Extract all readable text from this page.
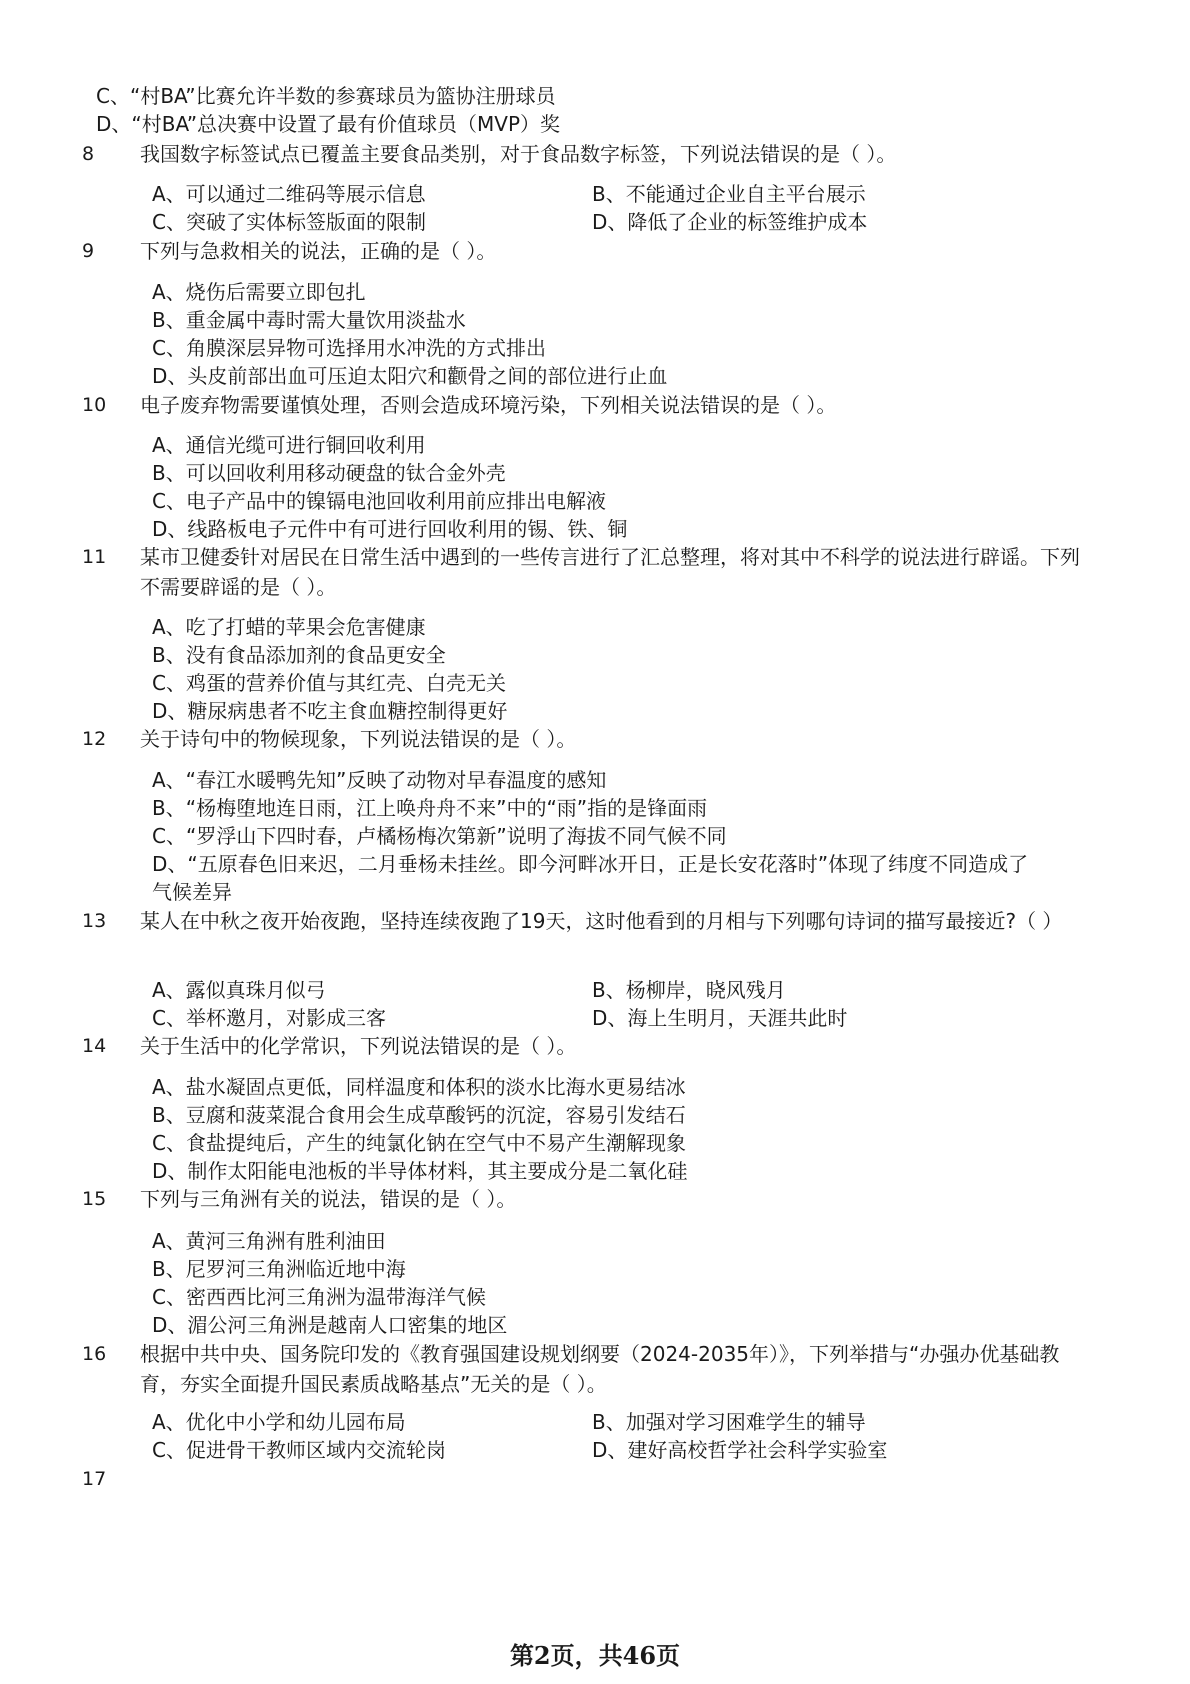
C、“村BA”比赛允许半数的参赛球员为篮协注册球员
D、“村BA”总决赛中设置了最有价值球员（MVP）奖
8 我国数字标签试点已覆盖主要食品类别，对于食品数字标签，下列说法错误的是（ ）。
A、可以通过二维码等展示信息	B、不能通过企业自主平台展示
C、突破了实体标签版面的限制	D、降低了企业的标签维护成本
9 下列与急救相关的说法，正确的是（ ）。
A、烧伤后需要立即包扎
B、重金属中毒时需大量饮用淡盐水
C、角膜深层异物可选择用水冲洗的方式排出
D、头皮前部出血可压迫太阳穴和颧骨之间的部位进行止血
10 电子废弃物需要谨慎处理，否则会造成环境污染，下列相关说法错误的是（ ）。
A、通信光缆可进行铜回收利用
B、可以回收利用移动硬盘的钛合金外壳
C、电子产品中的镍镉电池回收利用前应排出电解液
D、线路板电子元件中有可进行回收利用的锡、铁、铜
11 某市卫健委针对居民在日常生活中遇到的一些传言进行了汇总整理，将对其中不科学的说法进行辟谣。下列不需要辟谣的是（ ）。
A、吃了打蜡的苹果会危害健康
B、没有食品添加剂的食品更安全
C、鸡蛋的营养价值与其红壳、白壳无关
D、糖尿病患者不吃主食血糖控制得更好
12 关于诗句中的物候现象，下列说法错误的是（ ）。
A、“春江水暖鸭先知”反映了动物对早春温度的感知
B、“杨梅堕地连日雨，江上唤舟舟不来”中的“雨”指的是锋面雨
C、“罗浮山下四时春，卢橘杨梅次第新”说明了海拔不同气候不同
D、“五原春色旧来迟，二月垂杨未挂丝。即今河畔冰开日，正是长安花落时”体现了纬度不同造成了气候差异
13 某人在中秋之夜开始夜跑，坚持连续夜跑了19天，这时他看到的月相与下列哪句诗词的描写最接近?（ ）
A、露似真珠月似弓	B、杨柳岸，晓风残月
C、举杯邀月，对影成三客	D、海上生明月，天涯共此时
14 关于生活中的化学常识，下列说法错误的是（ ）。
A、盐水凝固点更低，同样温度和体积的淡水比海水更易结冰
B、豆腐和菠菜混合食用会生成草酸钙的沉淀，容易引发结石
C、食盐提纯后，产生的纯氯化钠在空气中不易产生潮解现象
D、制作太阳能电池板的半导体材料，其主要成分是二氧化硅
15 下列与三角洲有关的说法，错误的是（ ）。
A、黄河三角洲有胜利油田
B、尼罗河三角洲临近地中海
C、密西西比河三角洲为温带海洋气候
D、湄公河三角洲是越南人口密集的地区
16 根据中共中央、国务院印发的《教育强国建设规划纲要（2024-2035年）》，下列举措与“办强办优基础教育，夯实全面提升国民素质战略基点”无关的是（ ）。
A、优化中小学和幼儿园布局	B、加强对学习困难学生的辅导
C、促进骨干教师区域内交流轮岗	D、建好高校哲学社会科学实验室
17
第2页，共46页
